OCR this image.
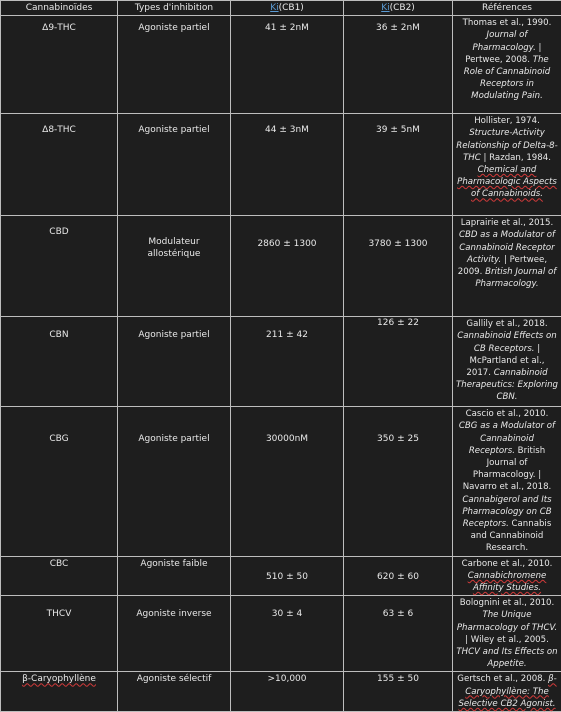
Cannabinoïdes	Types d'inhibition	Ki(CB1)	Ki(CB2)	Références
Δ9-THC	Agoniste partiel	41 ± 2nM	36 ± 2nM	Thomas et al., 1990. Journal of Pharmacology. | Pertwee, 2008. The Role of Cannabinoid Receptors in Modulating Pain.
Δ8-THC	Agoniste partiel	44 ± 3nM	39 ± 5nM	Hollister, 1974. Structure-Activity Relationship of Delta-8-THC | Razdan, 1984. Chemical and Pharmacologic Aspects of Cannabinoids.
CBD	Modulateur allostérique	2860 ± 1300	3780 ± 1300	Laprairie et al., 2015. CBD as a Modulator of Cannabinoid Receptor Activity. | Pertwee, 2009. British Journal of Pharmacology.
CBN	Agoniste partiel	211 ± 42	126 ± 22	Gallily et al., 2018. Cannabinoid Effects on CB Receptors. | McPartland et al., 2017. Cannabinoid Therapeutics: Exploring CBN.
CBG	Agoniste partiel	30000nM	350 ± 25	Cascio et al., 2010. CBG as a Modulator of Cannabinoid Receptors. British Journal of Pharmacology. | Navarro et al., 2018. Cannabigerol and Its Pharmacology on CB Receptors. Cannabis and Cannabinoid Research.
CBC	Agoniste faible	510 ± 50	620 ± 60	Carbone et al., 2010. Cannabichromene Affinity Studies.
THCV	Agoniste inverse	30 ± 4	63 ± 6	Bolognini et al., 2010. The Unique Pharmacology of THCV. | Wiley et al., 2005. THCV and Its Effects on Appetite.
β-Caryophyllène	Agoniste sélectif	>10,000	155 ± 50	Gertsch et al., 2008. β-Caryophyllène: The Selective CB2 Agonist.
